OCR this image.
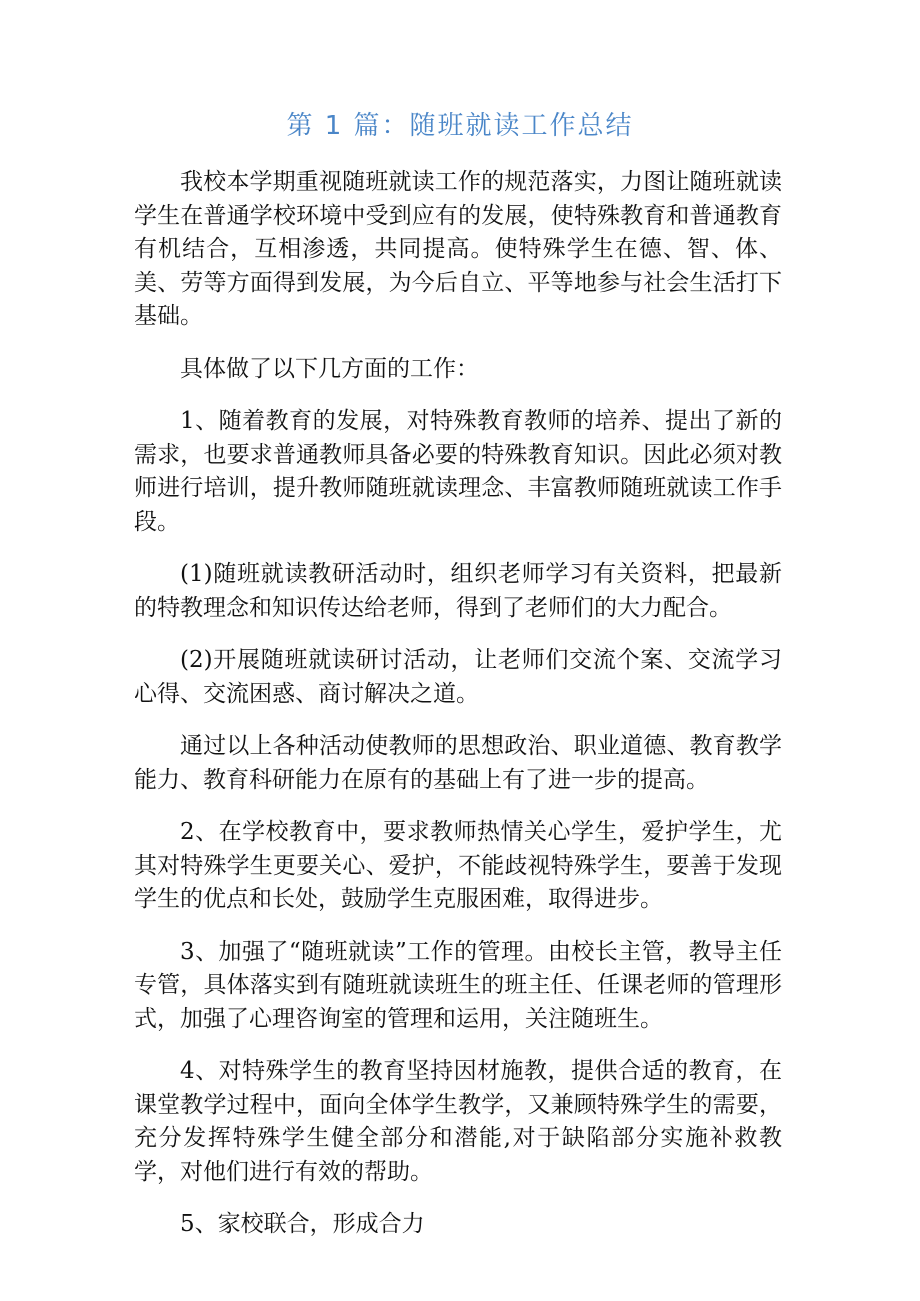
第 1 篇：随班就读工作总结

我校本学期重视随班就读工作的规范落实，力图让随班就读学生在普通学校环境中受到应有的发展，使特殊教育和普通教育有机结合，互相渗透，共同提高。使特殊学生在德、智、体、美、劳等方面得到发展，为今后自立、平等地参与社会生活打下基础。

具体做了以下几方面的工作：

1、随着教育的发展，对特殊教育教师的培养、提出了新的需求，也要求普通教师具备必要的特殊教育知识。因此必须对教师进行培训，提升教师随班就读理念、丰富教师随班就读工作手段。

(1)随班就读教研活动时，组织老师学习有关资料，把最新的特教理念和知识传达给老师，得到了老师们的大力配合。

(2)开展随班就读研讨活动，让老师们交流个案、交流学习心得、交流困惑、商讨解决之道。

通过以上各种活动使教师的思想政治、职业道德、教育教学能力、教育科研能力在原有的基础上有了进一步的提高。

2、在学校教育中，要求教师热情关心学生，爱护学生，尤其对特殊学生更要关心、爱护，不能歧视特殊学生，要善于发现学生的优点和长处，鼓励学生克服困难，取得进步。

3、加强了“随班就读”工作的管理。由校长主管，教导主任专管，具体落实到有随班就读班生的班主任、任课老师的管理形式，加强了心理咨询室的管理和运用，关注随班生。

4、对特殊学生的教育坚持因材施教，提供合适的教育，在课堂教学过程中，面向全体学生教学，又兼顾特殊学生的需要，充分发挥特殊学生健全部分和潜能,对于缺陷部分实施补救教学，对他们进行有效的帮助。

5、家校联合，形成合力
